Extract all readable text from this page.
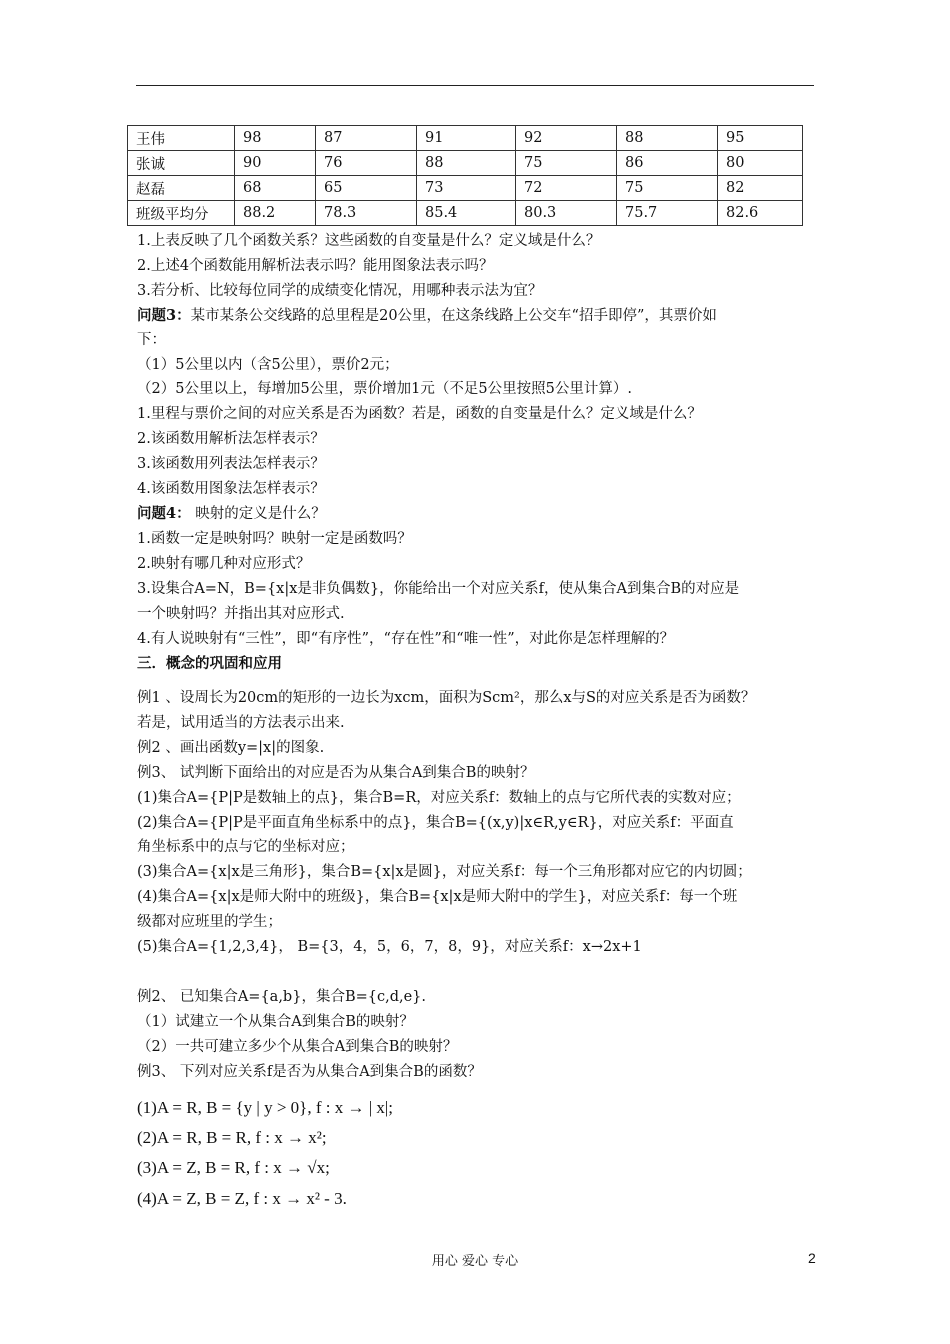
王伟	98	87	91	92	88	95
张诚	90	76	88	75	86	80
赵磊	68	65	73	72	75	82
班级平均分	88.2	78.3	85.4	80.3	75.7	82.6
1.上表反映了几个函数关系？这些函数的自变量是什么？定义域是什么？
2.上述4个函数能用解析法表示吗？能用图象法表示吗？
3.若分析、比较每位同学的成绩变化情况，用哪种表示法为宜？
问题3：某市某条公交线路的总里程是20公里，在这条线路上公交车“招手即停”，其票价如
下：
（1）5公里以内（含5公里），票价2元；
（2）5公里以上，每增加5公里，票价增加1元（不足5公里按照5公里计算）.
1.里程与票价之间的对应关系是否为函数？若是，函数的自变量是什么？定义域是什么？
2.该函数用解析法怎样表示？
3.该函数用列表法怎样表示？
4.该函数用图象法怎样表示？
问题4： 映射的定义是什么？
1.函数一定是映射吗？映射一定是函数吗？
2.映射有哪几种对应形式？
3.设集合A=N，B={x|x是非负偶数}，你能给出一个对应关系f，使从集合A到集合B的对应是
一个映射吗？并指出其对应形式.
4.有人说映射有“三性”，即“有序性”，“存在性”和“唯一性”，对此你是怎样理解的？
三．概念的巩固和应用
例1 、设周长为20cm的矩形的一边长为xcm，面积为Scm²，那么x与S的对应关系是否为函数？
若是，试用适当的方法表示出来.
例2 、画出函数y=|x|的图象.
例3、 试判断下面给出的对应是否为从集合A到集合B的映射？
(1)集合A={P|P是数轴上的点}，集合B=R，对应关系f：数轴上的点与它所代表的实数对应；
(2)集合A={P|P是平面直角坐标系中的点}，集合B={(x,y)|x∈R,y∈R}，对应关系f：平面直
角坐标系中的点与它的坐标对应；
(3)集合A={x|x是三角形}，集合B={x|x是圆}，对应关系f：每一个三角形都对应它的内切圆；
(4)集合A={x|x是师大附中的班级}，集合B={x|x是师大附中的学生}，对应关系f：每一个班
级都对应班里的学生；
(5)集合A={1,2,3,4}， B={3，4，5，6，7，8，9}，对应关系f：x→2x+1
例2、 已知集合A={a,b}，集合B={c,d,e}.
（1）试建立一个从集合A到集合B的映射？
（2）一共可建立多少个从集合A到集合B的映射？
例3、 下列对应关系f是否为从集合A到集合B的函数？
(1)A = R, B = {y | y > 0}, f : x → | x|;
(2)A = R, B = R, f : x → x²;
(3)A = Z, B = R, f : x → √x;
(4)A = Z, B = Z, f : x → x² - 3.
用心 爱心 专心	2
